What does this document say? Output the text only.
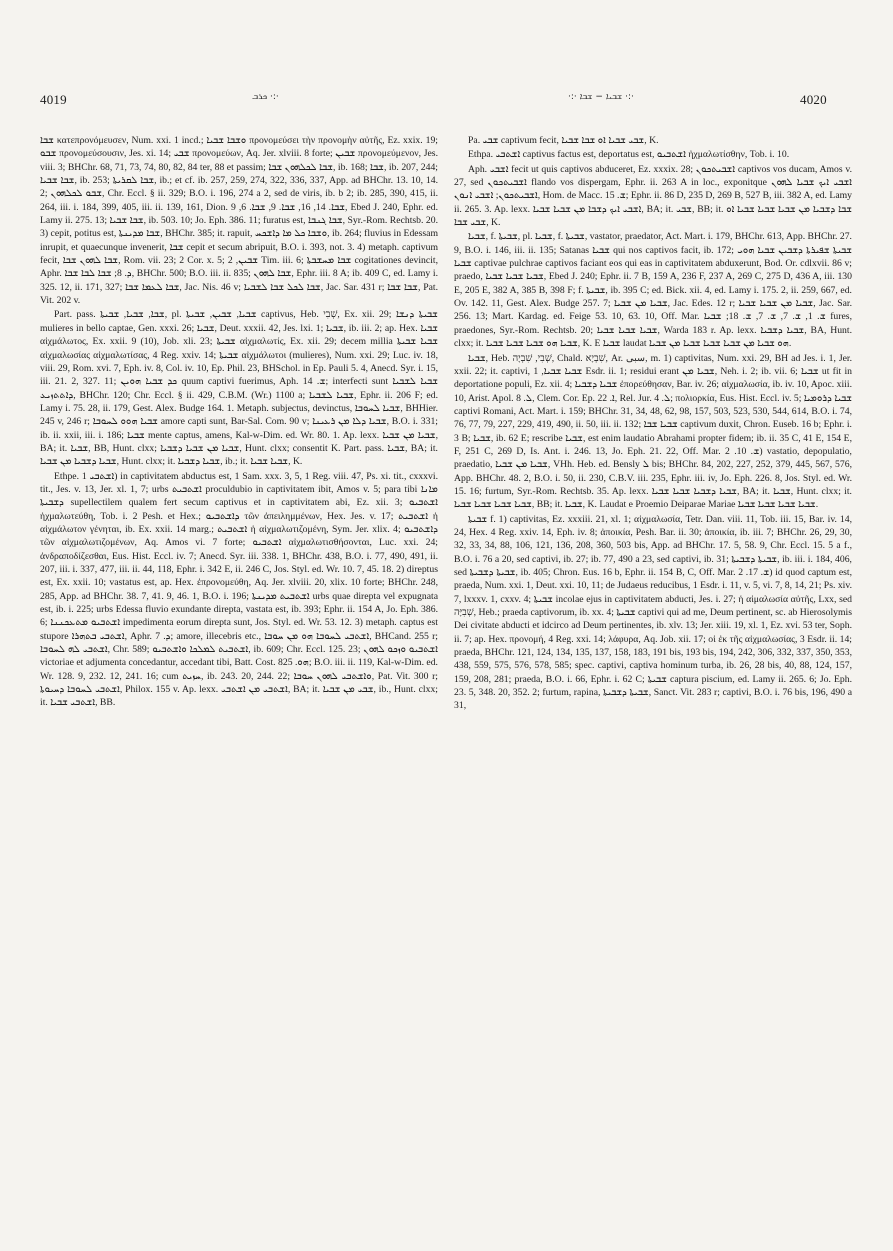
4019	ܟܪܒ ·:·	·:· ܫܒܝܐ − ܫܒܐ ·:·	4020

ܫܒܐ κατεπρονόμευσεν, Num. xxi. 1 incd.; ܘܫܒܐ ܫܒܝܐ προνομεύσει τὴν προνομὴν αὐτῆς, Ez. xxix. 19; ܫܒܘ προνομεύσουσιν, Jes. xi. 14; ܫܒܝ προνομεύων, Aq. Jer. xlviii. 8 forte; ܫܒܝܢ προνομεύμενον, Jes. viii. 3; BHChr. 68, 71, 73, 74, 80, 82, 84 ter, 88 et passim; ܫܒܐ ܠܟܠܗܘܢ ܫܒܐ, ib. 168; ܫܒܐ, ib. 207, 244; ܫܒܐ ܫܒܝܐ, ib. 253; ܫܒܐ ܠܩܪܝܬܐ, ib.; et cf. ib. 257, 259, 274, 322, 336, 337, App. ad BHChr. 13. 10, 14. 2; ܫܒܘ ܠܟܠܗܘܢ, Chr. Eccl. § ii. 329; B.O. i. 196, 274 a 2, sed de viris, ib. b 2; ib. 285, 390, 415, ii. 264, iii. i. 184, 399, 405, iii. ii. 139, 161, Dion. ܫܒܐ. 14, 16, ܫܒܐ. 9, ܫܒܐ. 6, 9, Ebed J. 240, Ephr. ed. Lamy ii. 275. 13; ܫܒܐ ܫܒܝܐ, ib. 503. 10; Jo. Eph. 386. 11; furatus est, ܫܒܐ ܓܢܒܐ, Syr.-Rom. Rechtsb. 20. 3) cepit, potitus est, ܫܒܐ ܡܕܝܢܬܐ, BHChr. 385; it. rapuit, ܘܫܒܐ ܟܠ ܡܐ ܕܐܫܟܚ, ib. 264; fluvius in Edessam inrupit, et quaecunque invenerit, ܫܒܐ cepit et secum abripuit, B.O. i. 393, not. 3. 4) metaph. captivum fecit, ܫܒܐ ܠܗܘܢ ܫܒܐ, Rom. vii. 23; 2 Cor. x. 5; ܫܒܝܢ, 2 Tim. iii. 6; ܫܒܐ ܡܚܫܒܬܐ cogitationes devincit, Aphr. ܕ. 8; ܫܒܐ ܠܒܐ ܫܒܐ, BHChr. 500; B.O. iii. ii. 835; ܫܒܐ ܠܗܘܢ, Ephr. iii. 8 A; ib. 409 C, ed. Lamy i. 325. 12, ii. 171, 327; ܫܒܐ ܠܥܡܐ ܫܒܐ, Jac. Nis. 46 v; ܫܒܐ ܠܟܠ ܫܒܐ ܠܫܒܝܐ, Jac. Sar. 431 r; ܫܒܐ ܫܒܐ, Pat. Vit. 202 v.

Part. pass. ܫܒܐ, ܫܒܝܐ, ܫܒܝܬܐ, pl. ܫܒܝܐ, ܫܒܝܢ, ܫܒܝܬܐ captivus, Heb. שְׁבִי, Ex. xii. 29; ܫܒܝܬܐ ܕܢܫܐ mulieres in bello captae, Gen. xxxi. 26; ܫܒܝܐ, Deut. xxxii. 42, Jes. lxi. 1; ܫܒܝܐ, ib. iii. 2; ap. Hex. ܫܒܝܐ αἰχμάλωτος, Ex. xxii. 9 (10), Job. xli. 23; ܫܒܝܬܐ αἰχμαλωτίς, Ex. xii. 29; decem millia ܫܒܝܐ ܫܒܝܬܐ αἰχμαλωσίας αἰχμαλωτίσας, 4 Reg. xxiv. 14; ܫܒܝܬܐ αἰχμάλωτοι (mulieres), Num. xxi. 29; Luc. iv. 18, viii. 29, Rom. xvi. 7, Eph. iv. 8, Col. iv. 10, Ep. Phil. 23, BHSchol. in Ep. Pauli 5. 4, Anecd. Syr. i. 15, iii. 21. 2, 327. 11; ܟܕ ܫܒܝܐ ܗܘܝܢ quum captivi fuerimus, Aph. ܫ. 14; interfecti sunt ܫܒܝܐ ܠܫܒܝܐ ܕܐܬܬܙܝܥ, BHChr. 120; Chr. Eccl. § ii. 429, C.B.M. (Wr.) 1100 a; ܫܒܝܐ ܠܫܒܝܐ, Ephr. ii. 206 F; ed. Lamy i. 75. 28, ii. 179, Gest. Alex. Budge 164. 1. Metaph. subjectus, devinctus, ܫܒܝܐ ܠܚܘܒܐ, BHHier. 245 v, 246 r; ܫܒܝܐ ܗܘܘ ܠܚܘܒܐ amore capti sunt, Bar-Sal. Com. 90 v; ܫܒܝܐ ܕܠܐ ܡܢ ܪܥܝܢܐ, B.O. i. 331; ib. ii. xxii, iii. i. 186; ܫܒܝܐ mente captus, amens, Kal-w-Dim. ed. Wr. 80. 1. Ap. lexx. ܫܒܝܐ ܡܢ ܫܒܝܐ, BA; it. ܫܒܝܐ, BB, Hunt. clxx; ܫܒܝܐ ܡܢ ܫܒܝܐ ܕܫܒܝܐ, Hunt. clxx; consentit K. Part. pass. ܫܒܝܐ, BA; it. ܫܒܝܐ ܕܫܒܝܐ ܡܢ ܫܒܝܐ, Hunt. clxx; it. ܫܒܝܐ ܕܫܒܝܐ, ib.; it. ܫܒܝܐ ܫܒܝܐ, K.

Ethpe. ܐܫܬܒܝ 1) in captivitatem abductus est, 1 Sam. xxx. 3, 5, 1 Reg. viii. 47, Ps. xi. tit., cxxxvi. tit., Jes. v. 13, Jer. xl. 1, 7; urbs ܐܫܬܒܝܬ proculdubio in captivitatem ibit, Amos v. 5; para tibi ܡܐܢܐ ܕܫܒܝܬܐ supellectilem qualem fert secum captivus et in captivitatem abi, Ez. xii. 3; ܐܫܬܒܝܘ ἠχμαλωτεύθη, Tob. i. 2 Pesh. et Hex.; ܕܐܫܬܒܝܘ τῶν ἀπειλημμένων, Hex. Jes. v. 17; ܐܫܬܒܝܬ ἡ αἰχμάλωτον γένηται, ib. Ex. xxii. 14 marg.; ܐܫܬܒܝܬ ἡ αἰχμαλωτιζομένη, Sym. Jer. xlix. 4; ܕܐܫܬܒܝܘ τῶν αἰχμαλωτιζομένων, Aq. Amos vi. 7 forte; ܐܫܬܒܝܘ αἰχμαλωτισθήσονται, Luc. xxi. 24; ἀνδραποδίζεσθαι, Eus. Hist. Eccl. iv. 7; Anecd. Syr. iii. 338. 1, BHChr. 438, B.O. i. 77, 490, 491, ii. 207, iii. i. 337, 477, iii. ii. 44, 118, Ephr. i. 342 E, ii. 246 C, Jos. Styl. ed. Wr. 10. 7, 45. 18. 2) direptus est, Ex. xxii. 10; vastatus est, ap. Hex. ἐπρονομεύθη, Aq. Jer. xlviii. 20, xlix. 10 forte; BHChr. 248, 285, App. ad BHChr. 38. 7, 41. 9, 46. 1, B.O. i. 196; ܐܫܬܒܝܬ ܡܕܝܢܬܐ urbs quae direpta vel expugnata est, ib. i. 225; urbs Edessa fluvio exundante direpta, vastata est, ib. 393; Ephr. ii. 154 A, Jo. Eph. 386. 6; ܐܫܬܒܝܘ ܡܬܥܟܢܢܐ impedimenta eorum direpta sunt, Jos. Styl. ed. Wr. 53. 12. 3) metaph. captus est stupore ܐܫܬܒܝ ܒܬܗܪܐ, Aphr. ܕ. 7; amore, illecebris etc., ܐܫܬܒܝ ܠܚܘܒܐ ܗܘ ܡܢ ܚܘܒܐ, BHCand. 255 r; ܐܫܬܒܝ ܠܗ ܠܚܘܒܐ, Chr. 589; ܐܫܬܒܝܬ ܠܡܠܟܐ ܘܐܫܬܒܝܘ, ib. 609; Chr. Eccl. 125. 23; ܐܫܬܒܝܘ ܘܙܟܘ ܠܗܘܢ victoriae et adjumenta concedantur, accedant tibi, Batt. Cost. ܗܘ. 825; B.O. iii. ii. 119, Kal-w-Dim. ed. Wr. 128. 9, 232. 12, 241. 16; cum ܚܙܝܬ, ib. 243. 20, 244. 22; ܘܐܫܬܒܝ ܠܗܘܢ ܚܘܒܐ, Pat. Vit. 300 r; ܐܫܬܒܝ ܠܚܘܒܐ ܕܚܝܘܬܐ, Philox. 155 v. Ap. lexx. ܐܫܬܒܝ ܡܢ ܐܫܬܒܝ, BA; it. ܫܒܝ ܡܢ ܫܒܝܐ, ib., Hunt. clxx; it. ܐܫܬܒܝ ܫܒܝܐ, BB.

Pa. ܫܒܝ captivum fecit, ܫܒܝ ܫܒܝܐ ܐܘ ܫܒܐ ܫܒܝܐ, K.

Ethpa. ܐܫܬܒܝ captivus factus est, deportatus est, ܐܫܬܒܝܘ ἠχμαλωτίσθην, Tob. i. 10.

Aph. ܐܫܒܝ fecit ut quis captivos abduceret, Ez. xxxix. 28; ܐܫܒܝܬܟܘܢ captivos vos ducam, Amos v. 27, sed ܐܫܒܝܬܟܘܢ flando vos dispergam, Ephr. ii. 263 A in loc., exponitque ܐܫܒܝ ܐܝܟ ܫܒܝܐ ܠܗܘܢ ܐܫܒܝܬܟܘܢ; ܐܫܒܝ ܐܢܘܢ, Hom. de Macc. ܫ. 15; Ephr. ii. 86 D, 235 D, 269 B, 527 B, iii. 382 A, ed. Lamy ii. 265. 3. Ap. lexx. ܐܫܒܝ ܐܝܟ ܕܫܒܐ ܡܢ ܫܒܝܐ ܫܒܝܐ, BA; it. ܫܒܝ, BB; it. ܫܒܐ ܕܫܒܝܐ ܡܢ ܫܒܝܐ ܫܒܝܐ ܫܒܝܐ ܐܘ ܫܒܝ ܫܒܐ, K.

ܫܒܝܐ, f. ܫܒܝܬܐ, pl. ܫܒܝܐ, f. ܫܒܝܬܐ, vastator, praedator, Act. Mart. i. 179, BHChr. 613, App. BHChr. 27. 9, B.O. i. 146, iii. ii. 135; Satanas ܫܒܝܐ qui nos captivos facit, ib. 172; ܫܒܝܬܐ ܫܦܝܪܬܐ ܕܫܒܝܢ ܫܒܝܐ ܗܘܝ ܫܒܝܐ captivae pulchrae captivos faciant eos qui eas in captivitatem abduxerunt, Bod. Or. cdlxvii. 86 v; praedo, ܫܒܝܐ ܫܒܝܐ ܫܒܝܐ, Ebed J. 240; Ephr. ii. 7 B, 159 A, 236 F, 237 A, 269 C, 275 D, 436 A, iii. 130 E, 205 E, 382 A, 385 B, 398 F; f. ܫܒܝܬܐ, ib. 395 C; ed. Bick. xii. 4, ed. Lamy i. 175. 2, ii. 259, 667, ed. Ov. 142. 11, Gest. Alex. Budge 257. 7; ܫܒܝܐ ܡܢ ܫܒܝܐ, Jac. Edes. 12 r; ܫܒܝܐ ܡܢ ܫܒܝܐ ܫܒܝܐ, Jac. Sar. 256. 13; Mart. Kardag. ed. Feige 53. 10, 63. 10, Off. Mar. ܫ. 1, ܫ. 7, ܫ. 7, ܫ. 18; ܫܒܝܐ fures, praedones, Syr.-Rom. Rechtsb. 20; ܫܒܝܐ ܫܒܝܐ ܫܒܝܐ, Warda 183 r. Ap. lexx. ܫܒܝܐ ܕܫܒܝܐ, BA, Hunt. clxx; it. ܫܒܝܐ ܗܘ ܫܒܝܐ ܫܒܝܐ ܫܒܝܐ, K. E ܫܒܝܐ laudat ܗܘ ܫܒܝܐ ܡܢ ܫܒܝܐ ܫܒܝܐ ܫܒܝܐ ܡܢ ܫܒܝܐ.

ܫܒܝܐ, Heb. שְׁבִי, שִׁבְיָה, Chald. שִׁבְיָא, Ar. سبى, m. 1) captivitas, Num. xxi. 29, BH ad Jes. i. 1, Jer. xxii. 22; it. captivi, ܫܒܝܐ ܫܒܝܐ, 1 Esdr. ii. 1; residui erant ܫܒܝܐ ܡܢ, Neh. i. 2; ib. vii. 6; ܫܒܝܐ ut fit in deportatione populi, Ez. xii. 4; ܫܒܝܐ ܕܫܒܝܐ ἐπορεύθησαν, Bar. iv. 26; αἰχμαλωσία, ib. iv. 10, Apoc. xiii. 10, Arist. Apol. ܠ. 8, Clem. Cor. Ep. ܐ. 22, Rel. Jur. ܠ. 4; πολιορκία, Eus. Hist. Eccl. iv. 5; ܫܒܝܐ ܕܪܘܡܝܐ captivi Romani, Act. Mart. i. 159; BHChr. 31, 34, 48, 62, 98, 157, 503, 523, 530, 544, 614, B.O. i. 74, 76, 77, 79, 227, 229, 419, 490, ii. 50, iii. ii. 132; ܫܒܝܐ ܫܒܐ captivum duxit, Chron. Euseb. 16 b; Ephr. i. 3 B; ܫܒܝܐ, ib. 62 E; rescribe ܫܒܝܐ, est enim laudatio Abrahami propter fidem; ib. ii. 35 C, 41 E, 154 E, F, 251 C, 269 D, Is. Ant. i. 246. 13, Jo. Eph. 21. 22, Off. Mar. ܫ. 10. 2) vastatio, depopulatio, praedatio, ܫܒܝܐ ܡܢ ܫܒܝܐ, VHh. Heb. ed. Bensly ܠ bis; BHChr. 84, 202, 227, 252, 379, 445, 567, 576, App. BHChr. 48. 2, B.O. i. 50, ii. 230, C.B.V. iii. 235, Ephr. iii. iv, Jo. Eph. 226. 8, Jos. Styl. ed. Wr. 15. 16; furtum, Syr.-Rom. Rechtsb. 35. Ap. lexx. ܫܒܝܐ ܕܫܒܝܐ ܫܒܝܐ ܫܒܝܐ, BA; it. ܫܒܝܐ, Hunt. clxx; it. ܫܒܝܐ ܫܒܝܐ ܫܒܝܐ ܫܒܝܐ, BB; it. ܫܒܝܐ, K. Laudat e Proemio Deiparae Mariae ܫܒܝܐ ܫܒܝܐ ܫܒܝܐ ܫܒܝܐ.

ܫܒܝܬܐ f. 1) captivitas, Ez. xxxiii. 21, xl. 1; αἰχμαλωσία, Tetr. Dan. viii. 11, Tob. iii. 15, Bar. iv. 14, 24, Hex. 4 Reg. xxiv. 14, Eph. iv. 8; ἀποικία, Pesh. Bar. ii. 30; ἀποικία, ib. iii. 7; BHChr. 26, 29, 30, 32, 33, 34, 88, 106, 121, 136, 208, 360, 503 bis, App. ad BHChr. 17. 5, 58. 9, Chr. Eccl. 15. 5 a f., B.O. i. 76 a 20, sed captivi, ib. 27; ib. 77, 490 a 23, sed captivi, ib. 31; ܫܒܝܬܐ ܕܫܒܝܬܐ, ib. iii. i. 184, 406, sed ܫܒܝܬܐ ܕܫܒܝܬܐ, ib. 405; Chron. Eus. 16 b, Ephr. ii. 154 B, C, Off. Mar. ܫ. 17. 2) id quod captum est, praeda, Num. xxi. 1, Deut. xxi. 10, 11; de Judaeus reducibus, 1 Esdr. i. 11, v. 5, vi. 7, 8, 14, 21; Ps. xiv. 7, lxxxv. 1, cxxv. 4; ܫܒܝܬܐ incolae ejus in captivitatem abducti, Jes. i. 27; ἡ αἰμαλωσία αὐτῆς, Lxx, sed שְׁבִיָּה, Heb.; praeda captivorum, ib. xx. 4; ܫܒܝܬܐ captivi qui ad me, Deum pertinent, sc. ab Hierosolymis Dei civitate abducti et idcirco ad Deum pertinentes, ib. xlv. 13; Jer. xiii. 19, xl. 1, Ez. xvi. 53 ter, Soph. ii. 7; ap. Hex. προνομή, 4 Reg. xxi. 14; λάφυρα, Aq. Job. xii. 17; οἱ ἐκ τῆς αἰχμαλωσίας, 3 Esdr. ii. 14; praeda, BHChr. 121, 124, 134, 135, 137, 158, 183, 191 bis, 193 bis, 194, 242, 306, 332, 337, 350, 353, 438, 559, 575, 576, 578, 585; spec. captivi, captiva hominum turba, ib. 26, 28 bis, 40, 88, 124, 157, 159, 208, 281; praeda, B.O. i. 66, Ephr. i. 62 C; ܫܒܝܬܐ captura piscium, ed. Lamy ii. 265. 6; Jo. Eph. 23. 5, 348. 20, 352. 2; furtum, rapina, ܫܒܝܬܐ ܕܫܒܝܬܐ, Sanct. Vit. 283 r; captivi, B.O. i. 76 bis, 196, 490 a 31,
